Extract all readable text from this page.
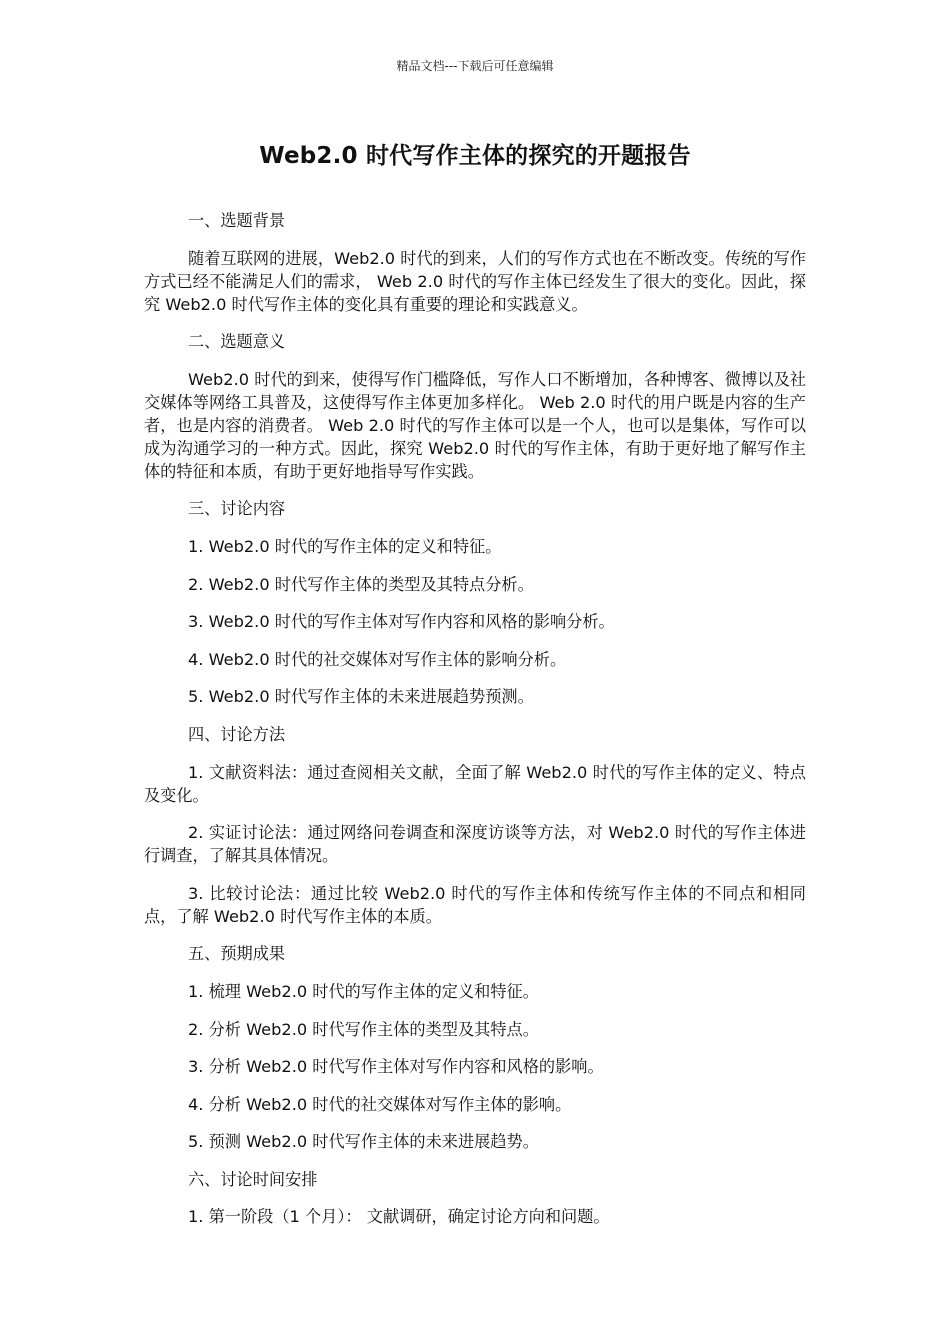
精品文档---下载后可任意编辑
Web2.0 时代写作主体的探究的开题报告

一、选题背景

随着互联网的进展，Web2.0 时代的到来，人们的写作方式也在不断改变。传统的写作方式已经不能满足人们的需求， Web 2.0 时代的写作主体已经发生了很大的变化。因此，探究 Web2.0 时代写作主体的变化具有重要的理论和实践意义。

二、选题意义

Web2.0 时代的到来，使得写作门槛降低，写作人口不断增加，各种博客、微博以及社交媒体等网络工具普及，这使得写作主体更加多样化。 Web 2.0 时代的用户既是内容的生产者，也是内容的消费者。 Web 2.0 时代的写作主体可以是一个人，也可以是集体，写作可以成为沟通学习的一种方式。因此，探究 Web2.0 时代的写作主体，有助于更好地了解写作主体的特征和本质，有助于更好地指导写作实践。

三、讨论内容

1. Web2.0 时代的写作主体的定义和特征。

2. Web2.0 时代写作主体的类型及其特点分析。

3. Web2.0 时代的写作主体对写作内容和风格的影响分析。

4. Web2.0 时代的社交媒体对写作主体的影响分析。

5. Web2.0 时代写作主体的未来进展趋势预测。

四、讨论方法

1. 文献资料法：通过查阅相关文献，全面了解 Web2.0 时代的写作主体的定义、特点及变化。

2. 实证讨论法：通过网络问卷调查和深度访谈等方法，对 Web2.0 时代的写作主体进行调查，了解其具体情况。

3. 比较讨论法：通过比较 Web2.0 时代的写作主体和传统写作主体的不同点和相同点，了解 Web2.0 时代写作主体的本质。

五、预期成果

1. 梳理 Web2.0 时代的写作主体的定义和特征。

2. 分析 Web2.0 时代写作主体的类型及其特点。

3. 分析 Web2.0 时代写作主体对写作内容和风格的影响。

4. 分析 Web2.0 时代的社交媒体对写作主体的影响。

5. 预测 Web2.0 时代写作主体的未来进展趋势。

六、讨论时间安排

1. 第一阶段（1 个月）： 文献调研，确定讨论方向和问题。
